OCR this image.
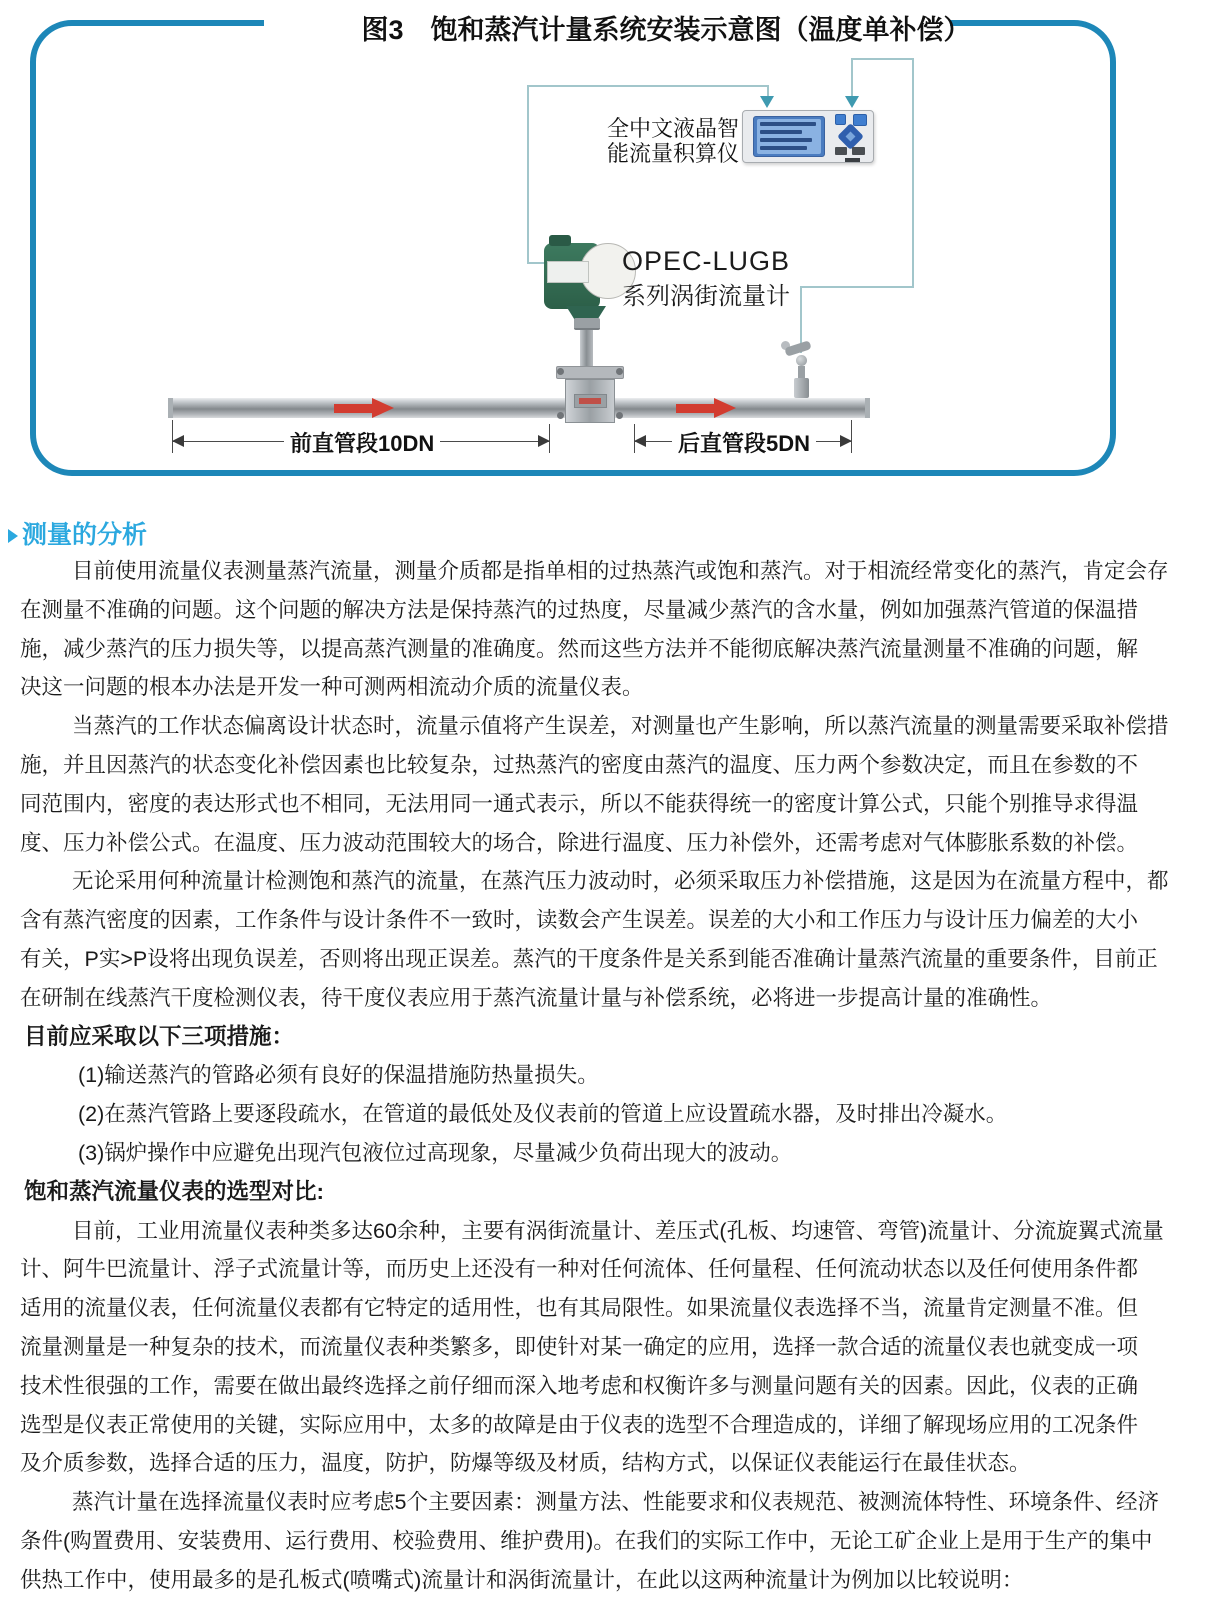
图3　饱和蒸汽计量系统安装示意图（温度单补偿）
全中文液晶智
能流量积算仪
OPEC-LUGB
系列涡街流量计
前直管段10DN	后直管段5DN
测量的分析
目前使用流量仪表测量蒸汽流量，测量介质都是指单相的过热蒸汽或饱和蒸汽。对于相流经常变化的蒸汽，肯定会存
在测量不准确的问题。这个问题的解决方法是保持蒸汽的过热度，尽量减少蒸汽的含水量，例如加强蒸汽管道的保温措
施，减少蒸汽的压力损失等，以提高蒸汽测量的准确度。然而这些方法并不能彻底解决蒸汽流量测量不准确的问题，解
决这一问题的根本办法是开发一种可测两相流动介质的流量仪表。
当蒸汽的工作状态偏离设计状态时，流量示值将产生误差，对测量也产生影响，所以蒸汽流量的测量需要采取补偿措
施，并且因蒸汽的状态变化补偿因素也比较复杂，过热蒸汽的密度由蒸汽的温度、压力两个参数决定，而且在参数的不
同范围内，密度的表达形式也不相同，无法用同一通式表示，所以不能获得统一的密度计算公式，只能个别推导求得温
度、压力补偿公式。在温度、压力波动范围较大的场合，除进行温度、压力补偿外，还需考虑对气体膨胀系数的补偿。
无论采用何种流量计检测饱和蒸汽的流量，在蒸汽压力波动时，必须采取压力补偿措施，这是因为在流量方程中，都
含有蒸汽密度的因素，工作条件与设计条件不一致时，读数会产生误差。误差的大小和工作压力与设计压力偏差的大小
有关，P实>P设将出现负误差，否则将出现正误差。蒸汽的干度条件是关系到能否准确计量蒸汽流量的重要条件，目前正
在研制在线蒸汽干度检测仪表，待干度仪表应用于蒸汽流量计量与补偿系统，必将进一步提高计量的准确性。
目前应采取以下三项措施：
(1)输送蒸汽的管路必须有良好的保温措施防热量损失。
(2)在蒸汽管路上要逐段疏水，在管道的最低处及仪表前的管道上应设置疏水器，及时排出冷凝水。
(3)锅炉操作中应避免出现汽包液位过高现象，尽量减少负荷出现大的波动。
饱和蒸汽流量仪表的选型对比:
目前，工业用流量仪表种类多达60余种，主要有涡街流量计、差压式(孔板、均速管、弯管)流量计、分流旋翼式流量
计、阿牛巴流量计、浮子式流量计等，而历史上还没有一种对任何流体、任何量程、任何流动状态以及任何使用条件都
适用的流量仪表，任何流量仪表都有它特定的适用性，也有其局限性。如果流量仪表选择不当，流量肯定测量不准。但
流量测量是一种复杂的技术，而流量仪表种类繁多，即使针对某一确定的应用，选择一款合适的流量仪表也就变成一项
技术性很强的工作，需要在做出最终选择之前仔细而深入地考虑和权衡许多与测量问题有关的因素。因此，仪表的正确
选型是仪表正常使用的关键，实际应用中，太多的故障是由于仪表的选型不合理造成的，详细了解现场应用的工况条件
及介质参数，选择合适的压力，温度，防护，防爆等级及材质，结构方式，以保证仪表能运行在最佳状态。
蒸汽计量在选择流量仪表时应考虑5个主要因素：测量方法、性能要求和仪表规范、被测流体特性、环境条件、经济
条件(购置费用、安装费用、运行费用、校验费用、维护费用)。在我们的实际工作中，无论工矿企业上是用于生产的集中
供热工作中，使用最多的是孔板式(喷嘴式)流量计和涡街流量计，在此以这两种流量计为例加以比较说明：
